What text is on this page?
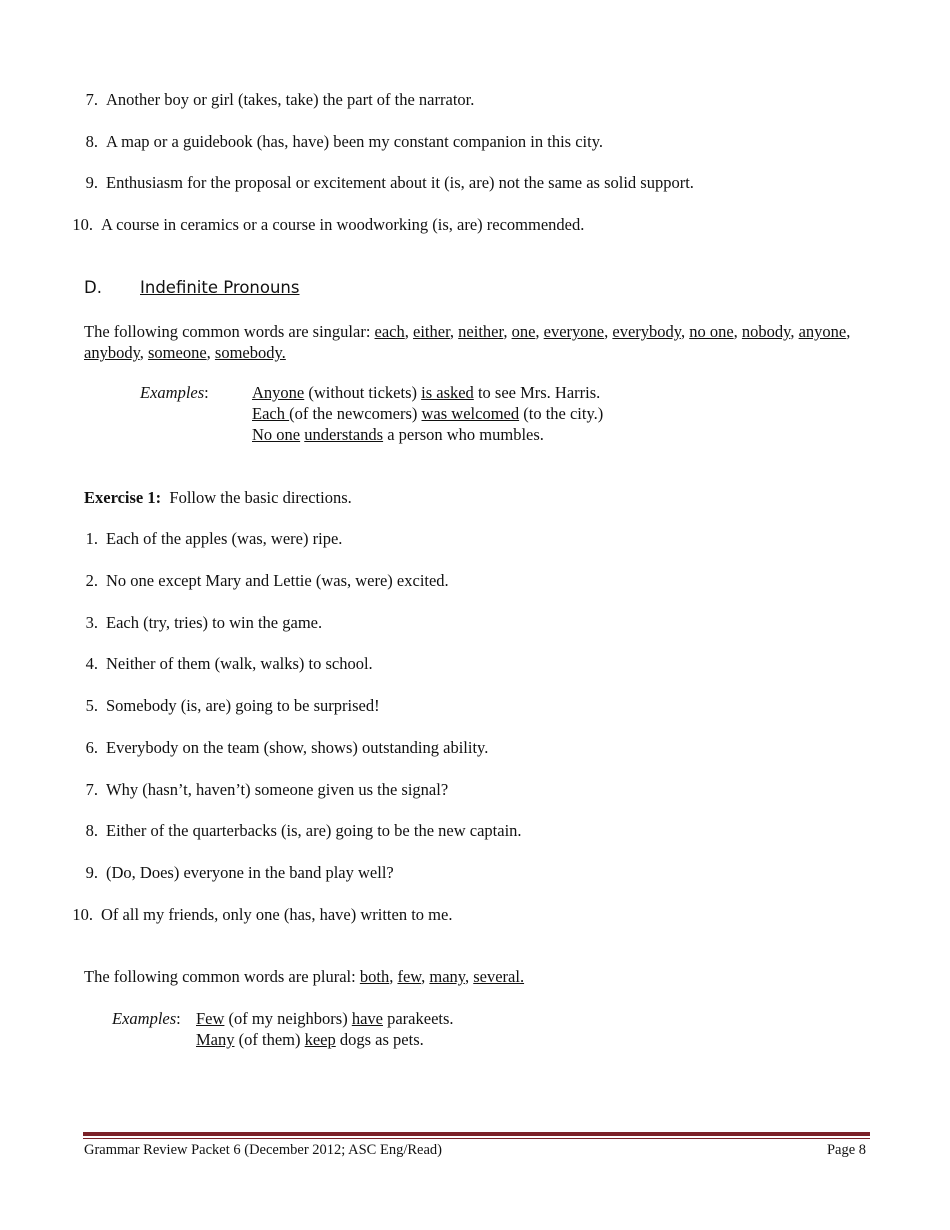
7. Another boy or girl (takes, take) the part of the narrator.
8. A map or a guidebook (has, have) been my constant companion in this city.
9. Enthusiasm for the proposal or excitement about it (is, are) not the same as solid support.
10. A course in ceramics or a course in woodworking (is, are) recommended.
D. Indefinite Pronouns
The following common words are singular: each, either, neither, one, everyone, everybody, no one, nobody, anyone, anybody, someone, somebody.
Examples:	Anyone (without tickets) is asked to see Mrs. Harris.
Each (of the newcomers) was welcomed (to the city.)
No one understands a person who mumbles.
Exercise 1: Follow the basic directions.
1. Each of the apples (was, were) ripe.
2. No one except Mary and Lettie (was, were) excited.
3. Each (try, tries) to win the game.
4. Neither of them (walk, walks) to school.
5. Somebody (is, are) going to be surprised!
6. Everybody on the team (show, shows) outstanding ability.
7. Why (hasn’t, haven’t) someone given us the signal?
8. Either of the quarterbacks (is, are) going to be the new captain.
9. (Do, Does) everyone in the band play well?
10. Of all my friends, only one (has, have) written to me.
The following common words are plural: both, few, many, several.
Examples: Few (of my neighbors) have parakeets.
Many (of them) keep dogs as pets.
Grammar Review Packet 6 (December 2012; ASC Eng/Read)	Page 8
